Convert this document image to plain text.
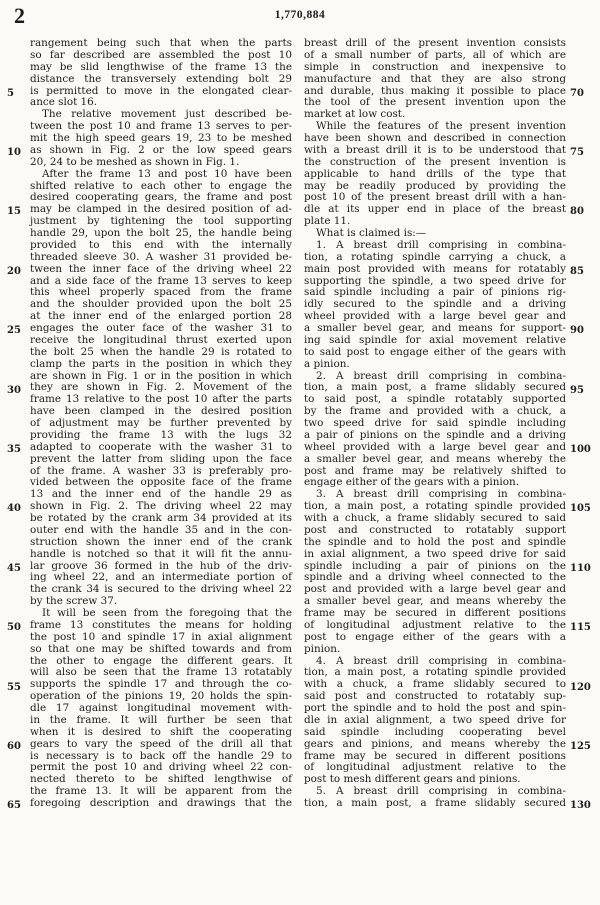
2	1,770,884
rangement being such that when the parts
so far described are assembled the post 10
may be slid lengthwise of the frame 13 the
distance the transversely extending bolt 29
is permitted to move in the elongated clear-
ance slot 16.
The relative movement just described be-
tween the post 10 and frame 13 serves to per-
mit the high speed gears 19, 23 to be meshed
as shown in Fig. 2 or the low speed gears
20, 24 to be meshed as shown in Fig. 1.
After the frame 13 and post 10 have been
shifted relative to each other to engage the
desired cooperating gears, the frame and post
may be clamped in the desired position of ad-
justment by tightening the tool supporting
handle 29, upon the bolt 25, the handle being
provided to this end with the internally
threaded sleeve 30. A washer 31 provided be-
tween the inner face of the driving wheel 22
and a side face of the frame 13 serves to keep
this wheel properly spaced from the frame
and the shoulder provided upon the bolt 25
at the inner end of the enlarged portion 28
engages the outer face of the washer 31 to
receive the longitudinal thrust exerted upon
the bolt 25 when the handle 29 is rotated to
clamp the parts in the position in which they
are shown in Fig. 1 or in the position in which
they are shown in Fig. 2. Movement of the
frame 13 relative to the post 10 after the parts
have been clamped in the desired position
of adjustment may be further prevented by
providing the frame 13 with the lugs 32
adapted to cooperate with the washer 31 to
prevent the latter from sliding upon the face
of the frame. A washer 33 is preferably pro-
vided between the opposite face of the frame
13 and the inner end of the handle 29 as
shown in Fig. 2. The driving wheel 22 may
be rotated by the crank arm 34 provided at its
outer end with the handle 35 and in the con-
struction shown the inner end of the crank
handle is notched so that it will fit the annu-
lar groove 36 formed in the hub of the driv-
ing wheel 22, and an intermediate portion of
the crank 34 is secured to the driving wheel 22
by the screw 37.
It will be seen from the foregoing that the
frame 13 constitutes the means for holding
the post 10 and spindle 17 in axial alignment
so that one may be shifted towards and from
the other to engage the different gears. It
will also be seen that the frame 13 rotatably
supports the spindle 17 and through the co-
operation of the pinions 19, 20 holds the spin-
dle 17 against longitudinal movement with-
in the frame. It will further be seen that
when it is desired to shift the cooperating
gears to vary the speed of the drill all that
is necessary is to back off the handle 29 to
permit the post 10 and driving wheel 22 con-
nected thereto to be shifted lengthwise of
the frame 13. It will be apparent from the
foregoing description and drawings that the
breast drill of the present invention consists
of a small number of parts, all of which are
simple in construction and inexpensive to
manufacture and that they are also strong
and durable, thus making it possible to place
the tool of the present invention upon the
market at low cost.
While the features of the present invention
have been shown and described in connection
with a breast drill it is to be understood that
the construction of the present invention is
applicable to hand drills of the type that
may be readily produced by providing the
post 10 of the present breast drill with a han-
dle at its upper end in place of the breast
plate 11.
What is claimed is:—
1. A breast drill comprising in combina-
tion, a rotating spindle carrying a chuck, a
main post provided with means for rotatably
supporting the spindle, a two speed drive for
said spindle including a pair of pinions rig-
idly secured to the spindle and a driving
wheel provided with a large bevel gear and
a smaller bevel gear, and means for support-
ing said spindle for axial movement relative
to said post to engage either of the gears with
a pinion.
2. A breast drill comprising in combina-
tion, a main post, a frame slidably secured
to said post, a spindle rotatably supported
by the frame and provided with a chuck, a
two speed drive for said spindle including
a pair of pinions on the spindle and a driving
wheel provided with a large bevel gear and
a smaller bevel gear, and means whereby the
post and frame may be relatively shifted to
engage either of the gears with a pinion.
3. A breast drill comprising in combina-
tion, a main post, a rotating spindle provided
with a chuck, a frame slidably secured to said
post and constructed to rotatably support
the spindle and to hold the post and spindle
in axial alignment, a two speed drive for said
spindle including a pair of pinions on the
spindle and a driving wheel connected to the
post and provided with a large bevel gear and
a smaller bevel gear, and means whereby the
frame may be secured in different positions
of longitudinal adjustment relative to the
post to engage either of the gears with a
pinion.
4. A breast drill comprising in combina-
tion, a main post, a rotating spindle provided
with a chuck, a frame slidably secured to
said post and constructed to rotatably sup-
port the spindle and to hold the post and spin-
dle in axial alignment, a two speed drive for
said spindle including cooperating bevel
gears and pinions, and means whereby the
frame may be secured in different positions
of longitudinal adjustment relative to the
post to mesh different gears and pinions.
5. A breast drill comprising in combina-
tion, a main post, a frame slidably secured
5
10
15
20
25
30
35
40
45
50
55
60
65
70
75
80
85
90
95
100
105
110
115
120
125
130
